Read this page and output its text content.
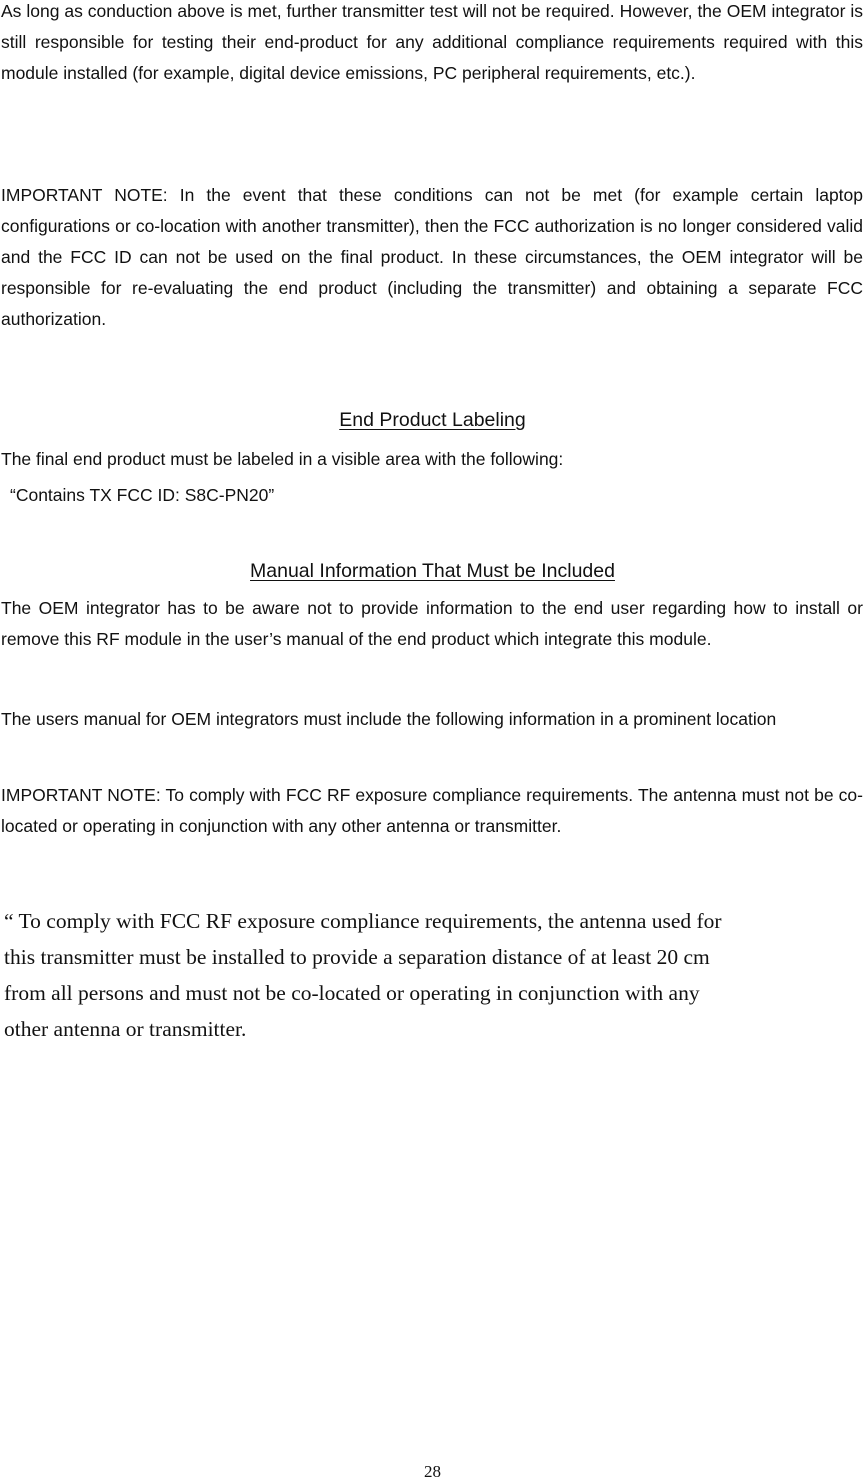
As long as conduction above is met, further transmitter test will not be required. However, the OEM integrator is still responsible for testing their end-product for any additional compliance requirements required with this module installed (for example, digital device emissions, PC peripheral requirements, etc.).

IMPORTANT NOTE: In the event that these conditions can not be met (for example certain laptop configurations or co-location with another transmitter), then the FCC authorization is no longer considered valid and the FCC ID can not be used on the final product. In these circumstances, the OEM integrator will be responsible for re-evaluating the end product (including the transmitter) and obtaining a separate FCC authorization.

End Product Labeling

The final end product must be labeled in a visible area with the following:

“Contains TX FCC ID: S8C-PN20”

Manual Information That Must be Included

The OEM integrator has to be aware not to provide information to the end user regarding how to install or remove this RF module in the user’s manual of the end product which integrate this module.

The users manual for OEM integrators must include the following information in a prominent location

IMPORTANT NOTE: To comply with FCC RF exposure compliance requirements. The antenna must not be co-located or operating in conjunction with any other antenna or transmitter.

“ To comply with FCC RF exposure compliance requirements, the antenna used for
this transmitter must be installed to provide a separation distance of at least 20 cm
from all persons and must not be co-located or operating in conjunction with any
other antenna or transmitter.

28
